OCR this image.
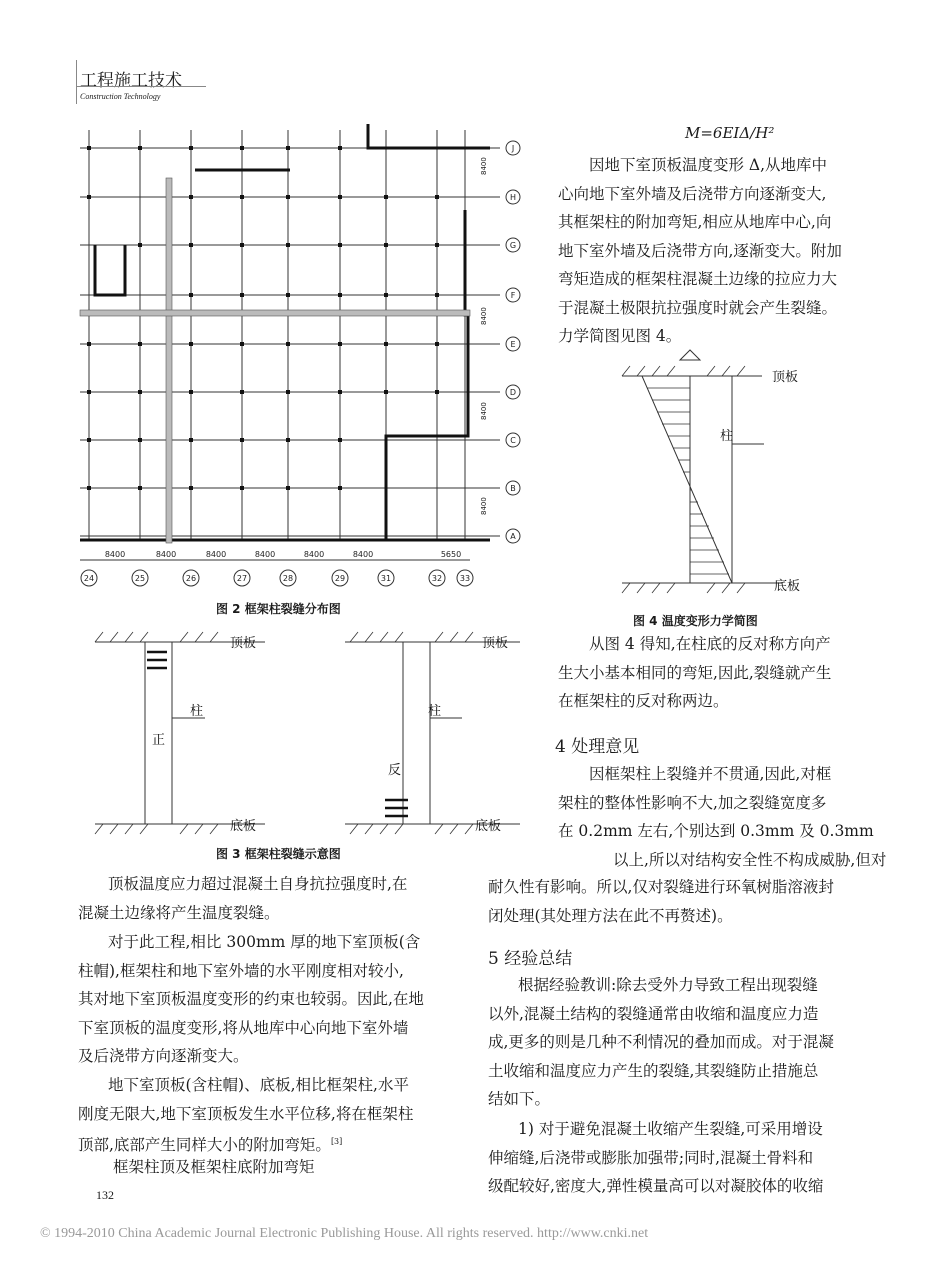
工程施工技术
Construction Technology
24	25	26	27	28	29	31	32 33
8400	8400	8400	8400	8400	8400	5650
J
H
G
F
E
D
C
B
A
8400
8400
8400
8400
图 2 框架柱裂缝分布图
顶板
柱
正
底板
顶板
柱
反
底板
图 3 框架柱裂缝示意图
M=6EIΔ/H²
因地下室顶板温度变形 Δ,从地库中
心向地下室外墙及后浇带方向逐渐变大,
其框架柱的附加弯矩,相应从地库中心,向
地下室外墙及后浇带方向,逐渐变大。附加
弯矩造成的框架柱混凝土边缘的拉应力大
于混凝土极限抗拉强度时就会产生裂缝。
力学简图见图 4。
顶板
柱
底板
图 4 温度变形力学简图
从图 4 得知,在柱底的反对称方向产
生大小基本相同的弯矩,因此,裂缝就产生
在框架柱的反对称两边。
4 处理意见
因框架柱上裂缝并不贯通,因此,对框
架柱的整体性影响不大,加之裂缝宽度多
在 0.2mm 左右,个别达到 0.3mm 及 0.3mm
以上,所以对结构安全性不构成威胁,但对
顶板温度应力超过混凝土自身抗拉强度时,在
混凝土边缘将产生温度裂缝。
对于此工程,相比 300mm 厚的地下室顶板(含
柱帽),框架柱和地下室外墙的水平刚度相对较小,
其对地下室顶板温度变形的约束也较弱。因此,在地
下室顶板的温度变形,将从地库中心向地下室外墙
及后浇带方向逐渐变大。
地下室顶板(含柱帽)、底板,相比框架柱,水平
刚度无限大,地下室顶板发生水平位移,将在框架柱
顶部,底部产生同样大小的附加弯矩。[3]
框架柱顶及框架柱底附加弯矩
耐久性有影响。所以,仅对裂缝进行环氧树脂溶液封
闭处理(其处理方法在此不再赘述)。
5 经验总结
根据经验教训:除去受外力导致工程出现裂缝
以外,混凝土结构的裂缝通常由收缩和温度应力造
成,更多的则是几种不利情况的叠加而成。对于混凝
土收缩和温度应力产生的裂缝,其裂缝防止措施总
结如下。
1) 对于避免混凝土收缩产生裂缝,可采用增设
伸缩缝,后浇带或膨胀加强带;同时,混凝土骨料和
级配较好,密度大,弹性模量高可以对凝胶体的收缩
132
© 1994-2010 China Academic Journal Electronic Publishing House. All rights reserved. http://www.cnki.net
